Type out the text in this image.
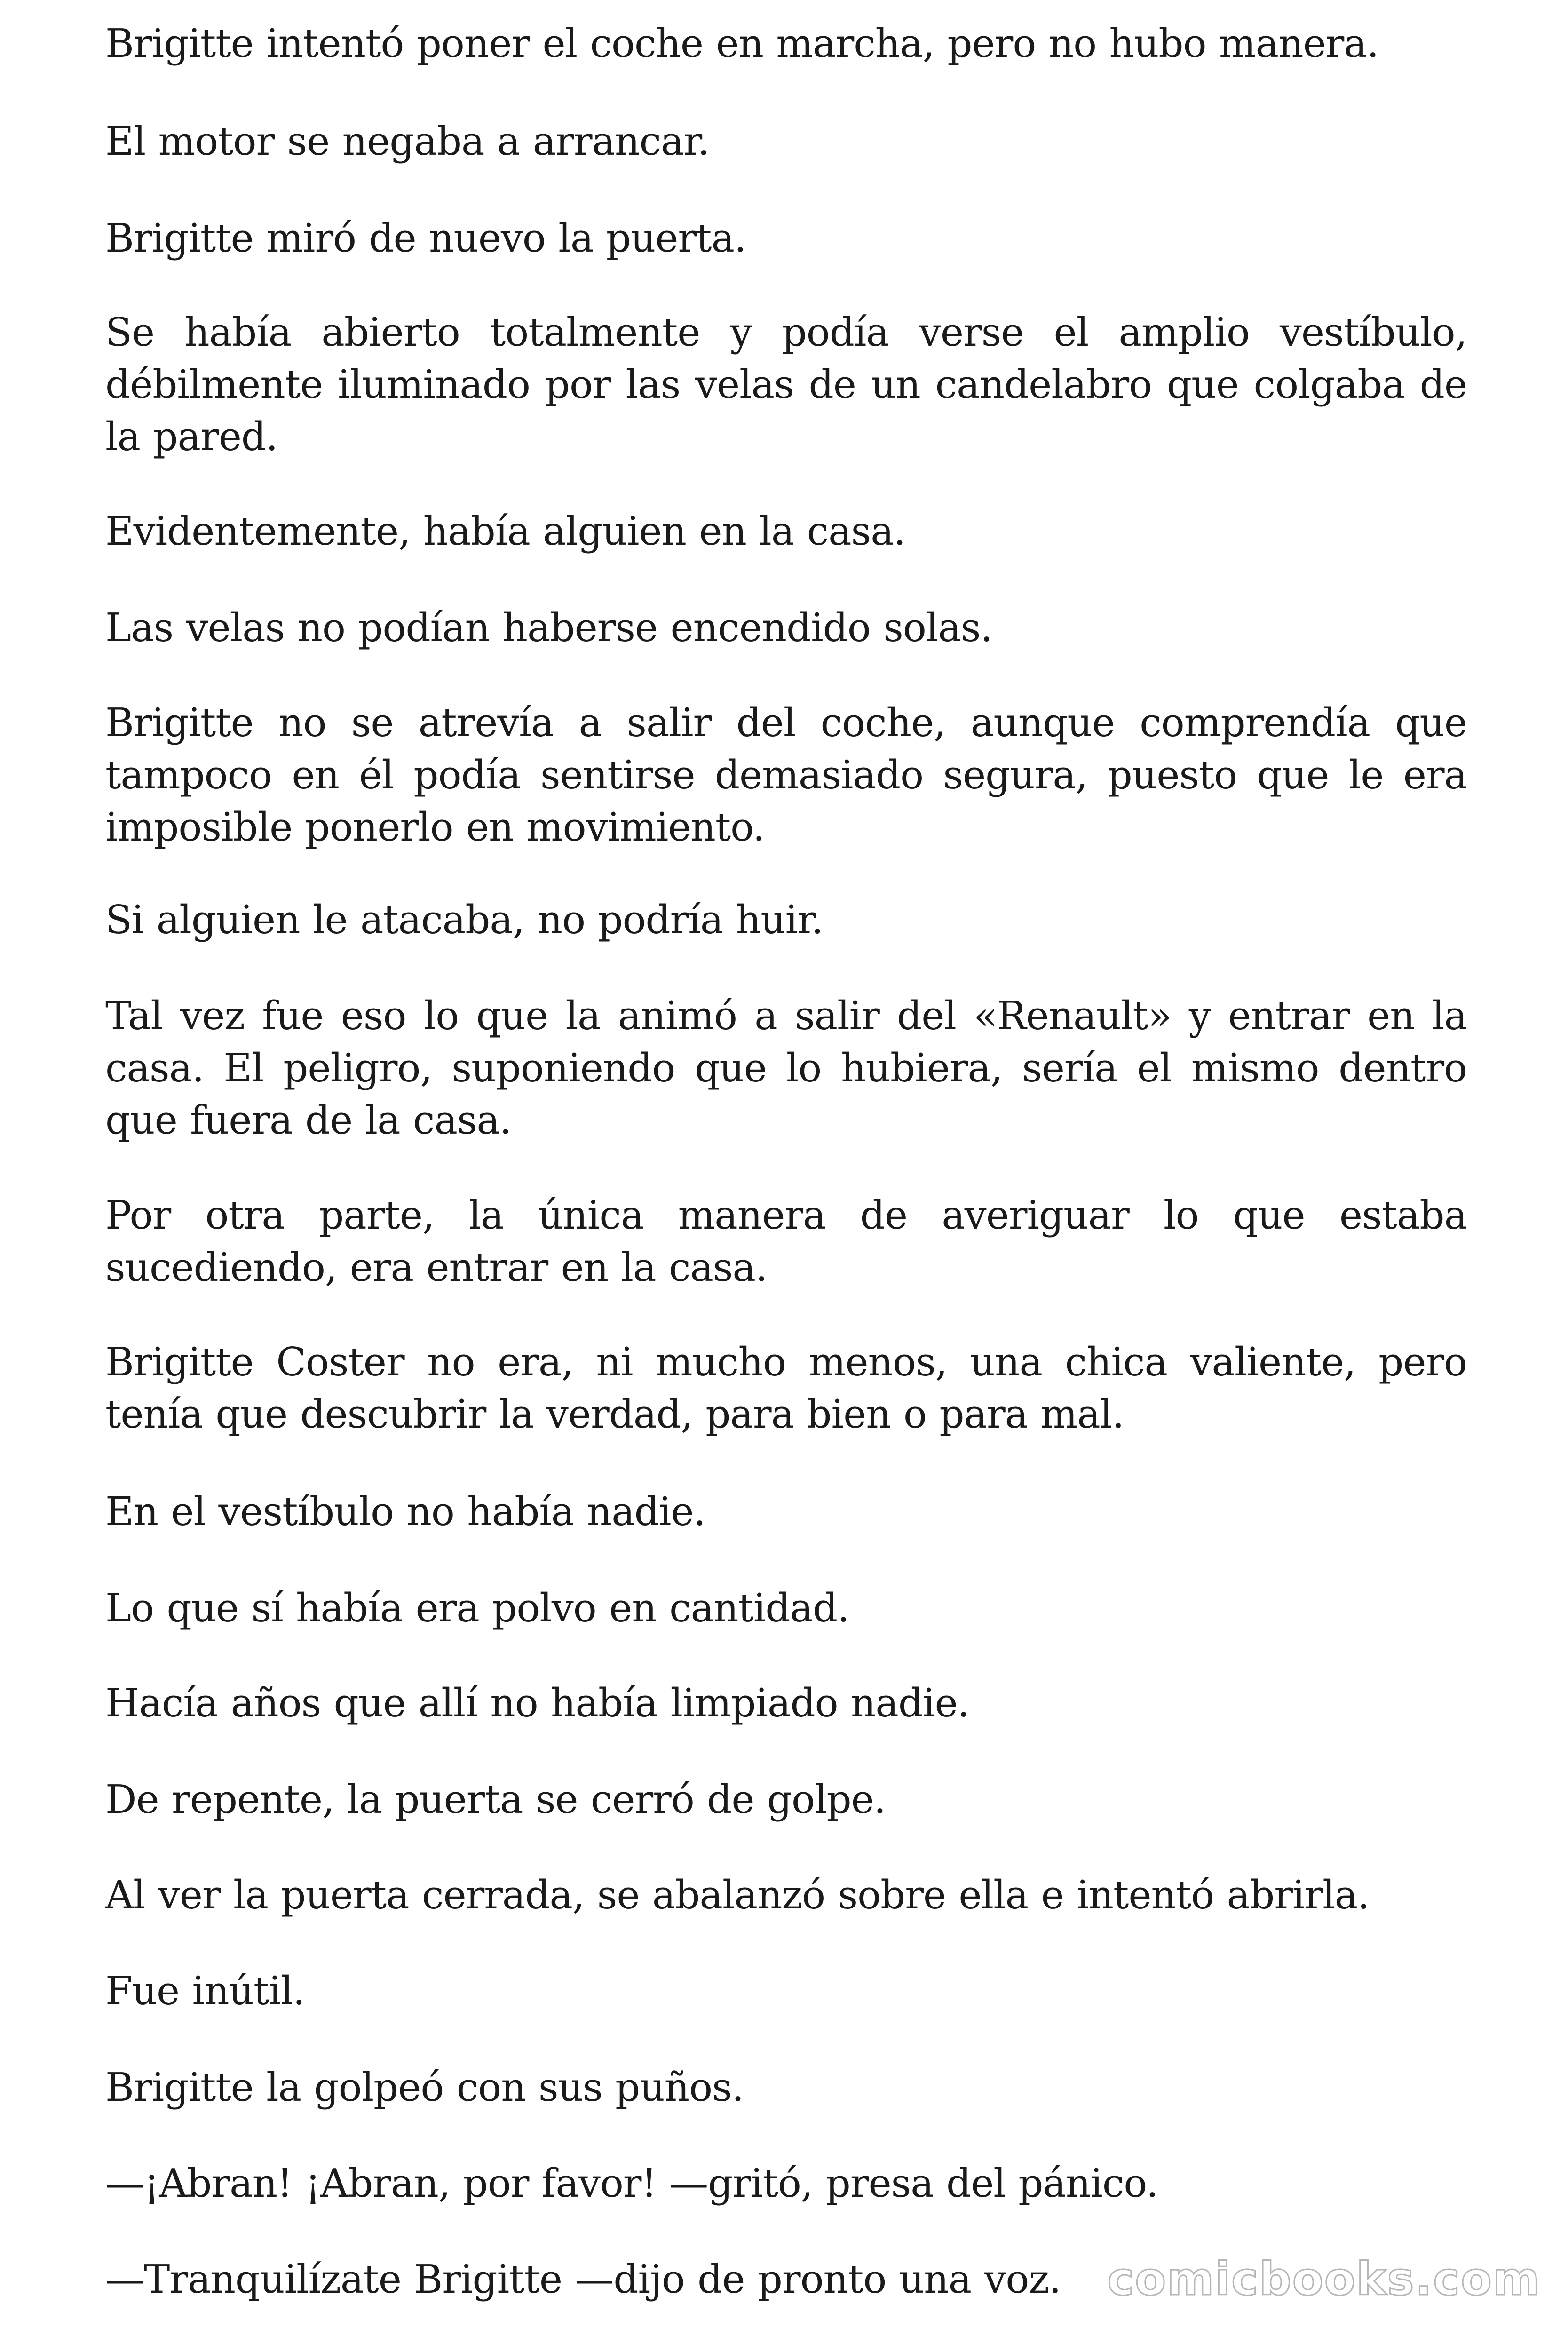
Brigitte intentó poner el coche en marcha, pero no hubo manera.

El motor se negaba a arrancar.

Brigitte miró de nuevo la puerta.

Se había abierto totalmente y podía verse el amplio vestíbulo, débilmente iluminado por las velas de un candelabro que colgaba de la pared.

Evidentemente, había alguien en la casa.

Las velas no podían haberse encendido solas.

Brigitte no se atrevía a salir del coche, aunque comprendía que tampoco en él podía sentirse demasiado segura, puesto que le era imposible ponerlo en movimiento.

Si alguien le atacaba, no podría huir.

Tal vez fue eso lo que la animó a salir del «Renault» y entrar en la casa. El peligro, suponiendo que lo hubiera, sería el mismo dentro que fuera de la casa.

Por otra parte, la única manera de averiguar lo que estaba sucediendo, era entrar en la casa.

Brigitte Coster no era, ni mucho menos, una chica valiente, pero tenía que descubrir la verdad, para bien o para mal.

En el vestíbulo no había nadie.

Lo que sí había era polvo en cantidad.

Hacía años que allí no había limpiado nadie.

De repente, la puerta se cerró de golpe.

Al ver la puerta cerrada, se abalanzó sobre ella e intentó abrirla.

Fue inútil.

Brigitte la golpeó con sus puños.

—¡Abran! ¡Abran, por favor! —gritó, presa del pánico.

—Tranquilízate Brigitte —dijo de pronto una voz.	comicbooks.com
